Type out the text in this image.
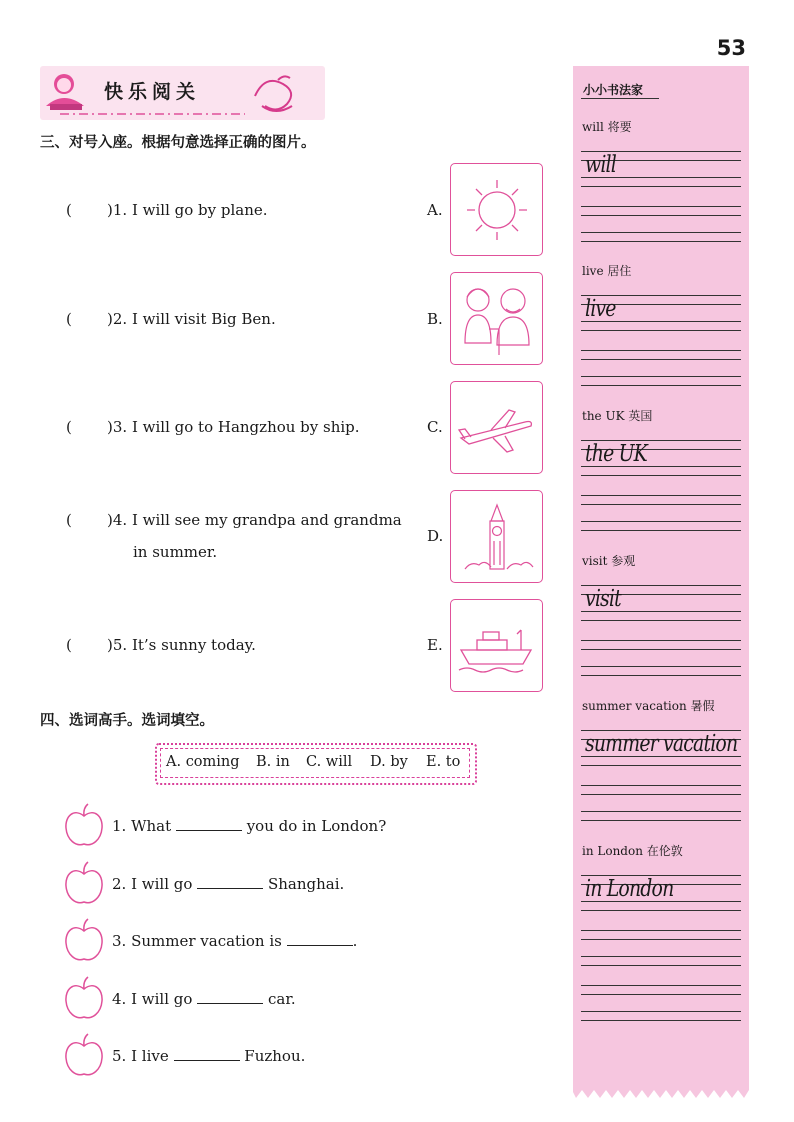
53
快乐阅关
三、对号入座。根据句意选择正确的图片。
( )1. I will go by plane.
( )2. I will visit Big Ben.
( )3. I will go to Hangzhou by ship.
( )4. I will see my grandpa and grandma
in summer.
( )5. It’s sunny today.
A.
B.
C.
D.
E.
四、选词高手。选词填空。
A. coming B. in C. will D. by E. to
1. What	you do in London?
2. I will go	Shanghai.
3. Summer vacation is	.
4. I will go	car.
5. I live	Fuzhou.
小小书法家
will 将要
will
live 居住
live
the UK 英国
the UK
visit 参观
visit
summer vacation 暑假
summer vacation
in London 在伦敦
in London
